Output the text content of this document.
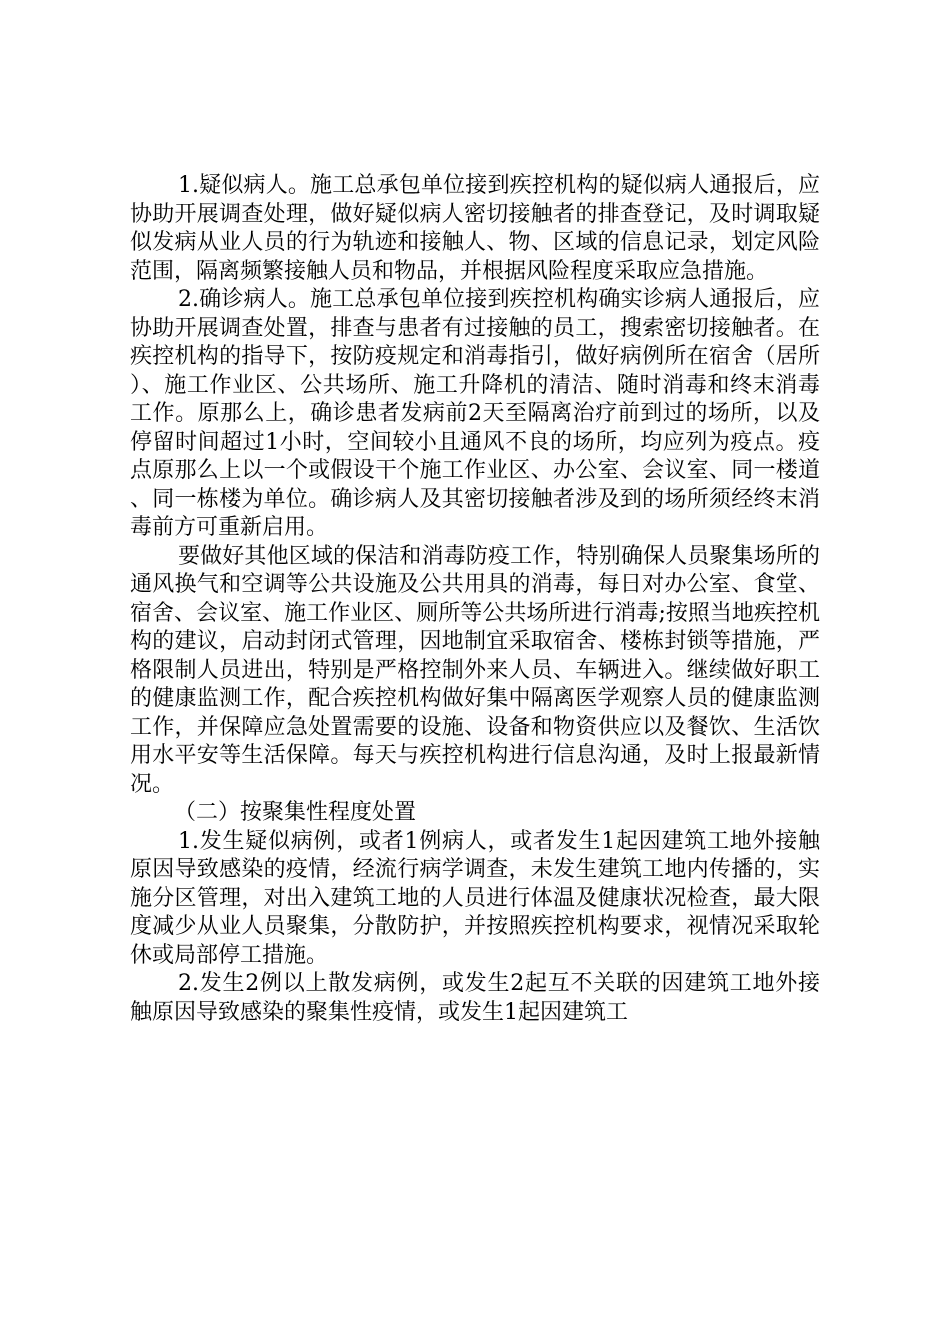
1.疑似病人。施工总承包单位接到疾控机构的疑似病人通报后，应协助开展调查处理，做好疑似病人密切接触者的排查登记，及时调取疑似发病从业人员的行为轨迹和接触人、物、区域的信息记录，划定风险范围，隔离频繁接触人员和物品，并根据风险程度采取应急措施。

2.确诊病人。施工总承包单位接到疾控机构确实诊病人通报后，应协助开展调查处置，排查与患者有过接触的员工，搜索密切接触者。在疾控机构的指导下，按防疫规定和消毒指引，做好病例所在宿舍（居所）、施工作业区、公共场所、施工升降机的清洁、随时消毒和终末消毒工作。原那么上，确诊患者发病前2天至隔离治疗前到过的场所，以及停留时间超过1小时，空间较小且通风不良的场所，均应列为疫点。疫点原那么上以一个或假设干个施工作业区、办公室、会议室、同一楼道、同一栋楼为单位。确诊病人及其密切接触者涉及到的场所须经终末消毒前方可重新启用。

要做好其他区域的保洁和消毒防疫工作，特别确保人员聚集场所的通风换气和空调等公共设施及公共用具的消毒，每日对办公室、食堂、宿舍、会议室、施工作业区、厕所等公共场所进行消毒;按照当地疾控机构的建议，启动封闭式管理，因地制宜采取宿舍、楼栋封锁等措施，严格限制人员进出，特别是严格控制外来人员、车辆进入。继续做好职工的健康监测工作，配合疾控机构做好集中隔离医学观察人员的健康监测工作，并保障应急处置需要的设施、设备和物资供应以及餐饮、生活饮用水平安等生活保障。每天与疾控机构进行信息沟通，及时上报最新情况。

（二）按聚集性程度处置

1.发生疑似病例，或者1例病人，或者发生1起因建筑工地外接触原因导致感染的疫情，经流行病学调查，未发生建筑工地内传播的，实施分区管理，对出入建筑工地的人员进行体温及健康状况检查，最大限度减少从业人员聚集，分散防护，并按照疾控机构要求，视情况采取轮休或局部停工措施。

2.发生2例以上散发病例，或发生2起互不关联的因建筑工地外接触原因导致感染的聚集性疫情，或发生1起因建筑工
